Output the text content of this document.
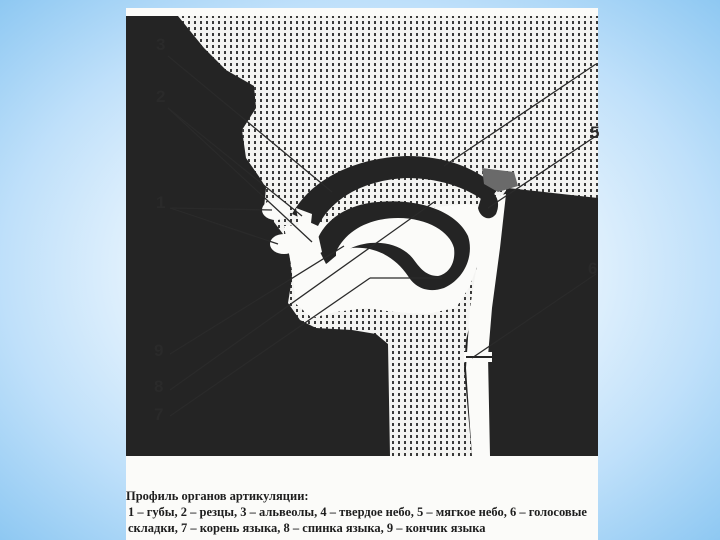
3
2
1
5
6
9
8
7
Профиль органов артикуляции:
1 – губы, 2 – резцы, 3 – альвеолы, 4 – твердое небо, 5 – мягкое небо, 6 – голосовые складки, 7 – корень языка, 8 – спинка языка, 9 – кончик языка
